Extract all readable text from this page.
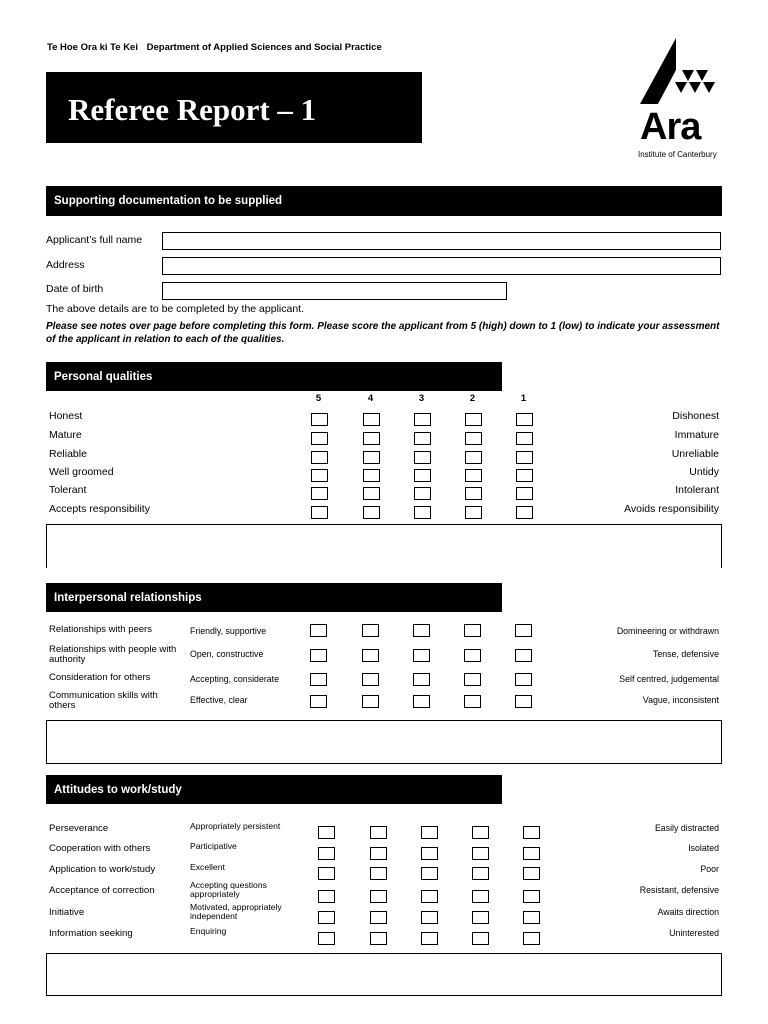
Te Hoe Ora ki Te Kei Department of Applied Sciences and Social Practice
Referee Report – 1	Ara
Institute of Canterbury
Supporting documentation to be supplied
Applicant’s full name
Address
Date of birth
The above details are to be completed by the applicant.
Please see notes over page before completing this form. Please score the applicant from 5 (high) down to 1 (low) to indicate your assessment of the applicant in relation to each of the qualities.
Personal qualities
5	4	3	2	1
Honest	Dishonest
Mature	Immature
Reliable	Unreliable
Well groomed	Untidy
Tolerant	Intolerant
Accepts responsibility	Avoids responsibility
Interpersonal relationships
Relationships with peers	Friendly, supportive	Domineering or withdrawn
Relationships with people with authority	Open, constructive	Tense, defensive
Consideration for others	Accepting, considerate	Self centred, judgemental
Communication skills with others	Effective, clear	Vague, inconsistent
Attitudes to work/study
Perseverance	Appropriately persistent	Easily distracted
Cooperation with others	Participative	Isolated
Application to work/study	Excellent	Poor
Acceptance of correction	Accepting questions appropriately	Resistant, defensive
Initiative	Motivated, appropriately independent	Awaits direction
Information seeking	Enquiring	Uninterested
